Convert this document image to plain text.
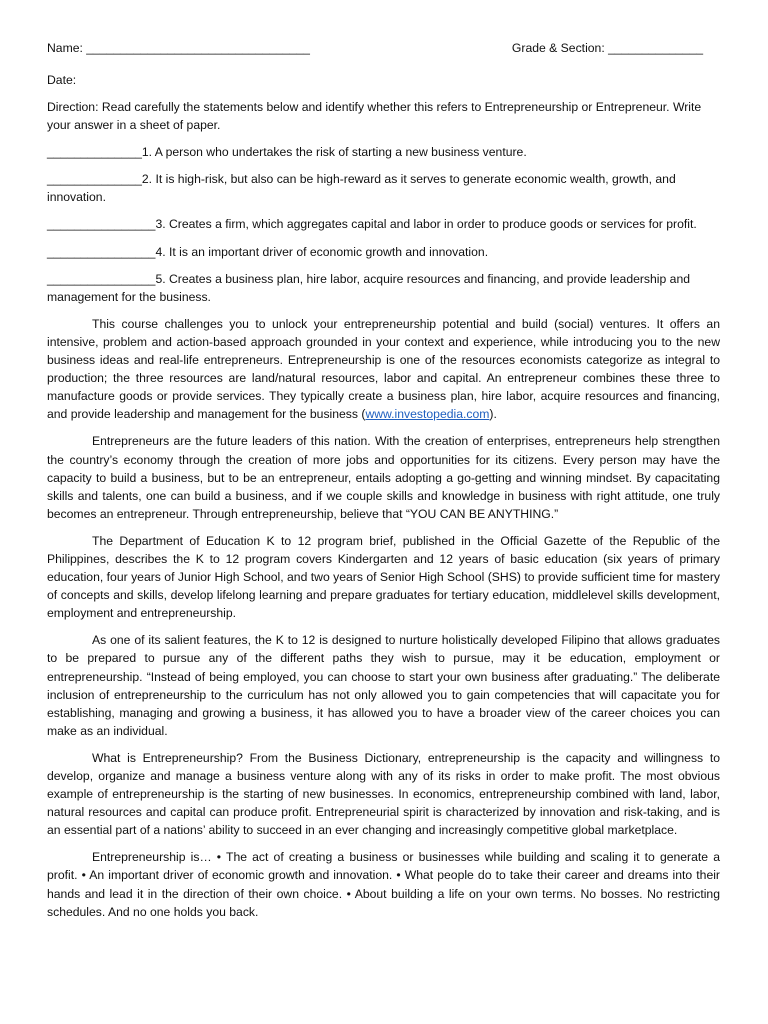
Name: _________________________________	Grade & Section: ______________
Date:

Direction: Read carefully the statements below and identify whether this refers to Entrepreneurship or Entrepreneur. Write your answer in a sheet of paper.

______________1. A person who undertakes the risk of starting a new business venture.

______________2. It is high-risk, but also can be high-reward as it serves to generate economic wealth, growth, and innovation.

________________3. Creates a firm, which aggregates capital and labor in order to produce goods or services for profit.

________________4. It is an important driver of economic growth and innovation.

________________5. Creates a business plan, hire labor, acquire resources and financing, and provide leadership and management for the business.

This course challenges you to unlock your entrepreneurship potential and build (social) ventures. It offers an intensive, problem and action-based approach grounded in your context and experience, while introducing you to the new business ideas and real-life entrepreneurs. Entrepreneurship is one of the resources economists categorize as integral to production; the three resources are land/natural resources, labor and capital. An entrepreneur combines these three to manufacture goods or provide services. They typically create a business plan, hire labor, acquire resources and financing, and provide leadership and management for the business (www.investopedia.com).

Entrepreneurs are the future leaders of this nation. With the creation of enterprises, entrepreneurs help strengthen the country’s economy through the creation of more jobs and opportunities for its citizens. Every person may have the capacity to build a business, but to be an entrepreneur, entails adopting a go-getting and winning mindset. By capacitating skills and talents, one can build a business, and if we couple skills and knowledge in business with right attitude, one truly becomes an entrepreneur. Through entrepreneurship, believe that “YOU CAN BE ANYTHING.”

The Department of Education K to 12 program brief, published in the Official Gazette of the Republic of the Philippines, describes the K to 12 program covers Kindergarten and 12 years of basic education (six years of primary education, four years of Junior High School, and two years of Senior High School (SHS) to provide sufficient time for mastery of concepts and skills, develop lifelong learning and prepare graduates for tertiary education, middlelevel skills development, employment and entrepreneurship.

As one of its salient features, the K to 12 is designed to nurture holistically developed Filipino that allows graduates to be prepared to pursue any of the different paths they wish to pursue, may it be education, employment or entrepreneurship. “Instead of being employed, you can choose to start your own business after graduating.” The deliberate inclusion of entrepreneurship to the curriculum has not only allowed you to gain competencies that will capacitate you for establishing, managing and growing a business, it has allowed you to have a broader view of the career choices you can make as an individual.

What is Entrepreneurship? From the Business Dictionary, entrepreneurship is the capacity and willingness to develop, organize and manage a business venture along with any of its risks in order to make profit. The most obvious example of entrepreneurship is the starting of new businesses. In economics, entrepreneurship combined with land, labor, natural resources and capital can produce profit. Entrepreneurial spirit is characterized by innovation and risk-taking, and is an essential part of a nations’ ability to succeed in an ever changing and increasingly competitive global marketplace.

Entrepreneurship is… • The act of creating a business or businesses while building and scaling it to generate a profit. • An important driver of economic growth and innovation. • What people do to take their career and dreams into their hands and lead it in the direction of their own choice. • About building a life on your own terms. No bosses. No restricting schedules. And no one holds you back.
